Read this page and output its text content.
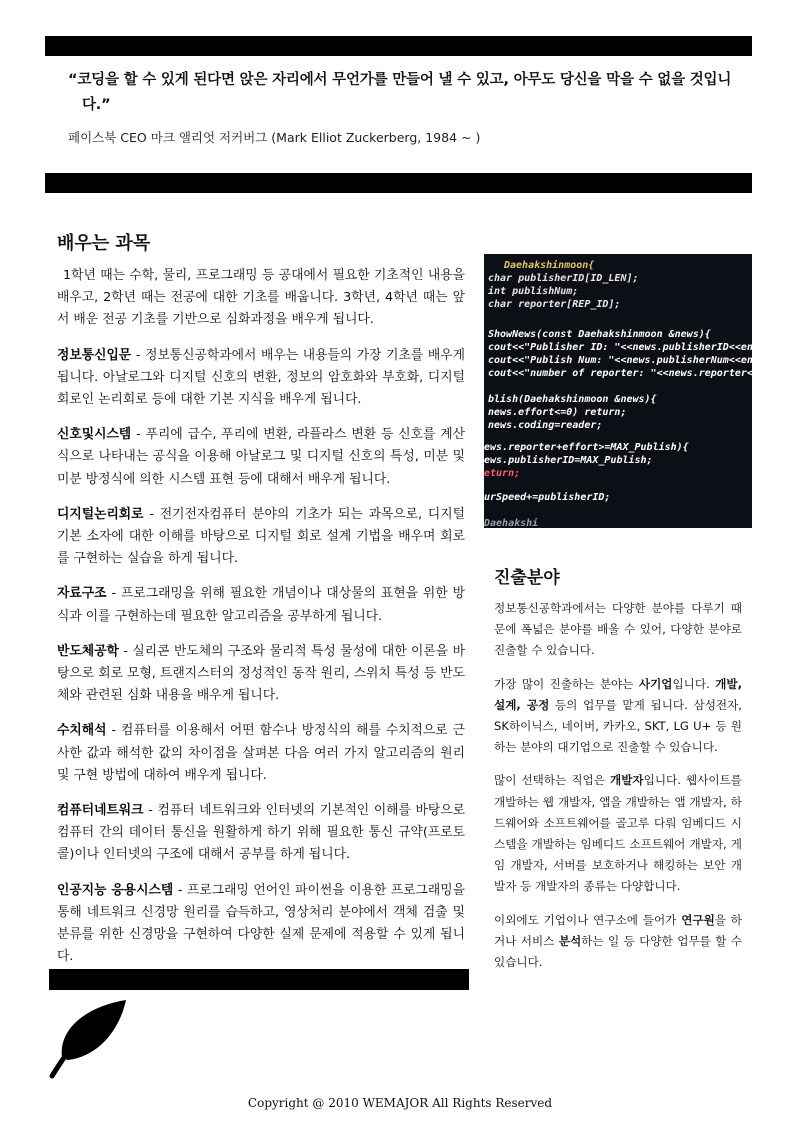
“코딩을 할 수 있게 된다면 앉은 자리에서 무언가를 만들어 낼 수 있고, 아무도 당신을 막을 수 없을 것입니다.”
페이스북 CEO 마크 앨리엇 저커버그 (Mark Elliot Zuckerberg, 1984 ~ )
배우는 과목

1학년 때는 수학, 물리, 프로그래밍 등 공대에서 필요한 기초적인 내용을 배우고, 2학년 때는 전공에 대한 기초를 배웁니다. 3학년, 4학년 때는 앞서 배운 전공 기초를 기반으로 심화과정을 배우게 됩니다.

정보통신입문 - 정보통신공학과에서 배우는 내용들의 가장 기초를 배우게 됩니다. 아날로그와 디지털 신호의 변환, 정보의 암호화와 부호화, 디지털 회로인 논리회로 등에 대한 기본 지식을 배우게 됩니다.

신호및시스템 - 푸리에 급수, 푸리에 변환, 라플라스 변환 등 신호를 계산식으로 나타내는 공식을 이용해 아날로그 및 디지털 신호의 특성, 미분 및 미분 방정식에 의한 시스템 표현 등에 대해서 배우게 됩니다.

디지털논리회로 - 전기전자컴퓨터 분야의 기초가 되는 과목으로, 디지털 기본 소자에 대한 이해를 바탕으로 디지털 회로 설계 기법을 배우며 회로를 구현하는 실습을 하게 됩니다.

자료구조 - 프로그래밍을 위해 필요한 개념이나 대상물의 표현을 위한 방식과 이를 구현하는데 필요한 알고리즘을 공부하게 됩니다.

반도체공학 - 실리콘 반도체의 구조와 물리적 특성 물성에 대한 이론을 바탕으로 회로 모형, 트랜지스터의 정성적인 동작 원리, 스위치 특성 등 반도체와 관련된 심화 내용을 배우게 됩니다.

수치해석 - 컴퓨터를 이용해서 어떤 함수나 방정식의 해를 수치적으로 근사한 값과 해석한 값의 차이점을 살펴본 다음 여러 가지 알고리즘의 원리 및 구현 방법에 대하여 배우게 됩니다.

컴퓨터네트워크 - 컴퓨터 네트워크와 인터넷의 기본적인 이해를 바탕으로 컴퓨터 간의 데이터 통신을 원활하게 하기 위해 필요한 통신 규약(프로토콜)이나 인터넷의 구조에 대해서 공부를 하게 됩니다.

인공지능 응용시스템 - 프로그래밍 언어인 파이썬을 이용한 프로그래밍을 통해 네트워크 신경망 원리를 습득하고, 영상처리 분야에서 객체 검출 및 분류를 위한 신경망을 구현하여 다양한 실제 문제에 적용할 수 있게 됩니다.

Daehakshinmoon{
char publisherID[ID_LEN];
int publishNum;
char reporter[REP_ID];
ShowNews(const Daehakshinmoon &news){
cout<<"Publisher ID: "<<news.publisherID<<endl;
cout<<"Publish Num: "<<news.publisherNum<<endl;
cout<<"number of reporter: "<<news.reporter<<endl;
blish(Daehakshinmoon &news){
news.effort<=0) return;
news.coding=reader;
ews.reporter+effort>=MAX_Publish){
ews.publisherID=MAX_Publish;
eturn;
urSpeed+=publisherID;
Daehakshi
진출분야

정보통신공학과에서는 다양한 분야를 다루기 때문에 폭넓은 분야를 배울 수 있어, 다양한 분야로 진출할 수 있습니다.

가장 많이 진출하는 분야는 사기업입니다. 개발, 설계, 공정 등의 업무를 맡게 됩니다. 삼성전자, SK하이닉스, 네이버, 카카오, SKT, LG U+ 등 원하는 분야의 대기업으로 진출할 수 있습니다.

많이 선택하는 직업은 개발자입니다. 웹사이트를 개발하는 웹 개발자, 앱을 개발하는 앱 개발자, 하드웨어와 소프트웨어를 골고루 다뤄 임베디드 시스템을 개발하는 임베디드 소프트웨어 개발자, 게임 개발자, 서버를 보호하거나 해킹하는 보안 개발자 등 개발자의 종류는 다양합니다.

이외에도 기업이나 연구소에 들어가 연구원을 하거나 서비스 분석하는 일 등 다양한 업무를 할 수 있습니다.

Copyright @ 2010 WEMAJOR All Rights Reserved
